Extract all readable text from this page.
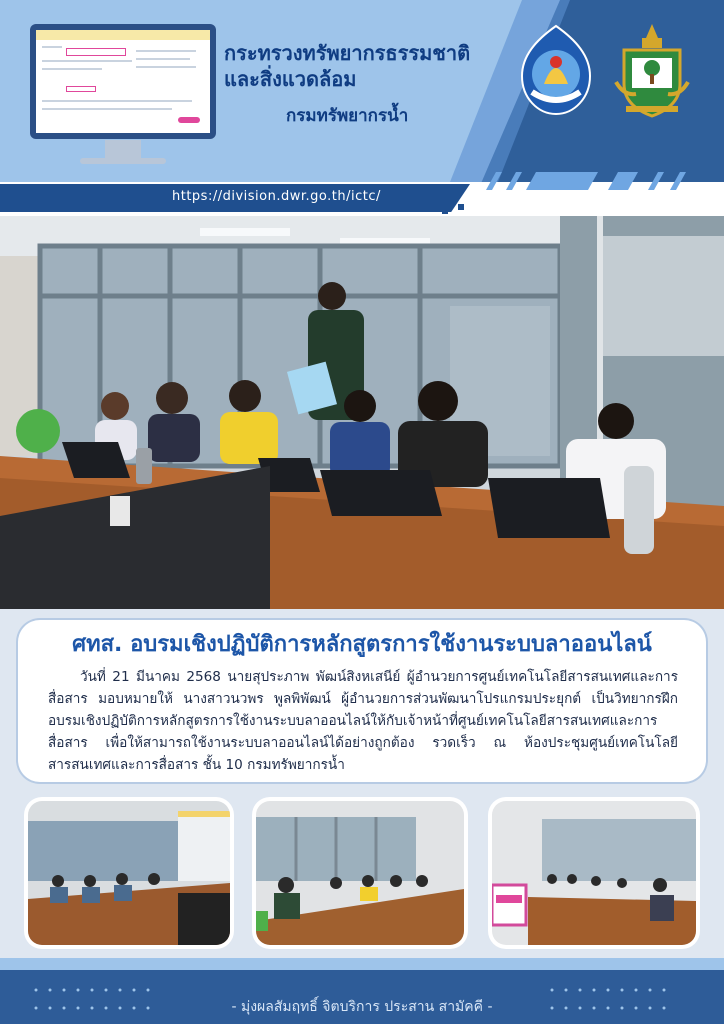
กระทรวงทรัพยากรธรรมชาติ
และสิ่งแวดล้อม
กรมทรัพยากรน้ำ
https://division.dwr.go.th/ictc/
ศทส. อบรมเชิงปฏิบัติการหลักสูตรการใช้งานระบบลาออนไลน์
วันที่ 21 มีนาคม 2568 นายสุประภาพ พัฒน์สิงหเสนีย์ ผู้อำนวยการศูนย์เทคโนโลยีสารสนเทศและการสื่อสาร มอบหมายให้ นางสาวนวพร พูลพิพัฒน์ ผู้อำนวยการส่วนพัฒนาโปรแกรมประยุกต์ เป็นวิทยากรฝึกอบรมเชิงปฏิบัติการหลักสูตรการใช้งานระบบลาออนไลน์ให้กับเจ้าหน้าที่ศูนย์เทคโนโลยีสารสนเทศและการสื่อสาร เพื่อให้สามารถใช้งานระบบลาออนไลน์ได้อย่างถูกต้อง รวดเร็ว ณ ห้องประชุมศูนย์เทคโนโลยีสารสนเทศและการสื่อสาร ชั้น 10 กรมทรัพยากรน้ำ
- มุ่งผลสัมฤทธิ์ จิตบริการ ประสาน สามัคคี -
